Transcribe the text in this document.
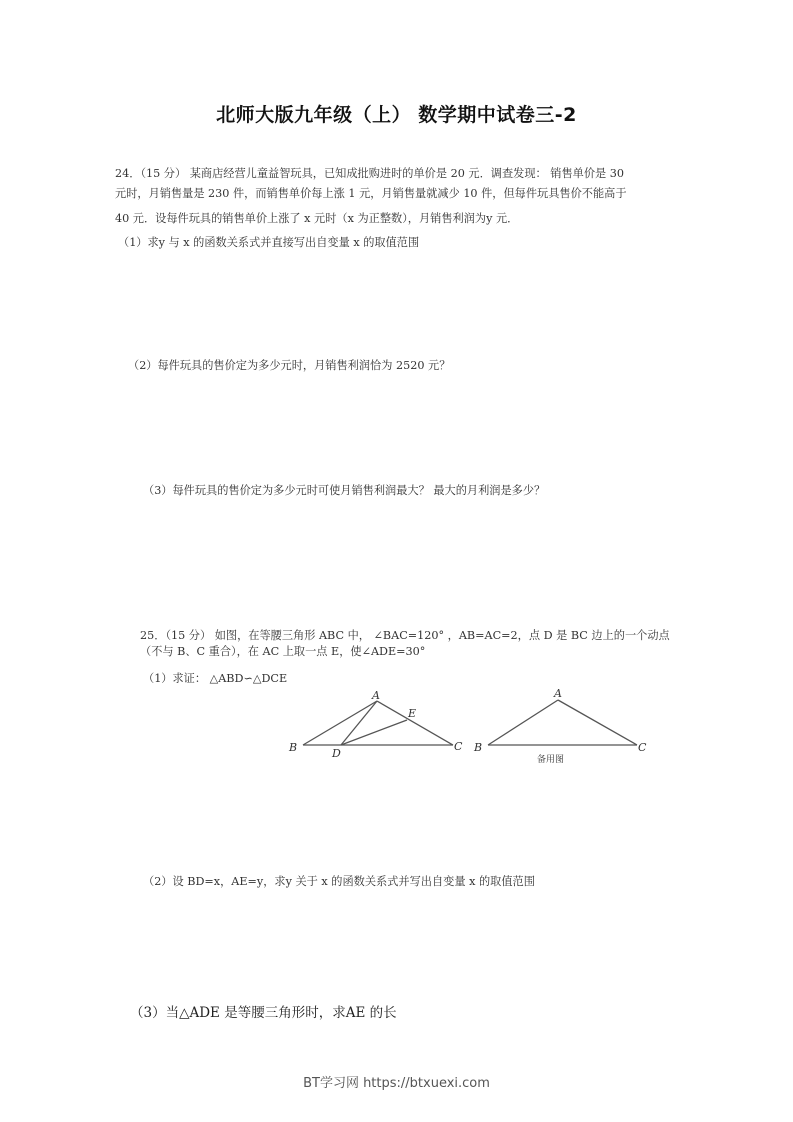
北师大版九年级（上） 数学期中试卷三-2
24．（15 分） 某商店经营儿童益智玩具，已知成批购进时的单价是 20 元．调查发现： 销售单价是 30
元时，月销售量是 230 件，而销售单价每上涨 1 元，月销售量就减少 10 件，但每件玩具售价不能高于
40 元．设每件玩具的销售单价上涨了 x 元时（x 为正整数），月销售利润为y 元．
（1）求y 与 x 的函数关系式并直接写出自变量 x 的取值范围
（2）每件玩具的售价定为多少元时，月销售利润恰为 2520 元？
（3）每件玩具的售价定为多少元时可使月销售利润最大？ 最大的月利润是多少？
25．（15 分） 如图，在等腰三角形 ABC 中， ∠BAC=120° ，AB=AC=2，点 D 是 BC 边上的一个动点
（不与 B、C 重合），在 AC 上取一点 E，使∠ADE=30°
（1）求证： △ABD∽△DCE
A
B	C
D
E
A
B	C
备用图
（2）设 BD=x，AE=y，求y 关于 x 的函数关系式并写出自变量 x 的取值范围
（3）当△ADE 是等腰三角形时，求AE 的长
BT学习网 https://btxuexi.com
